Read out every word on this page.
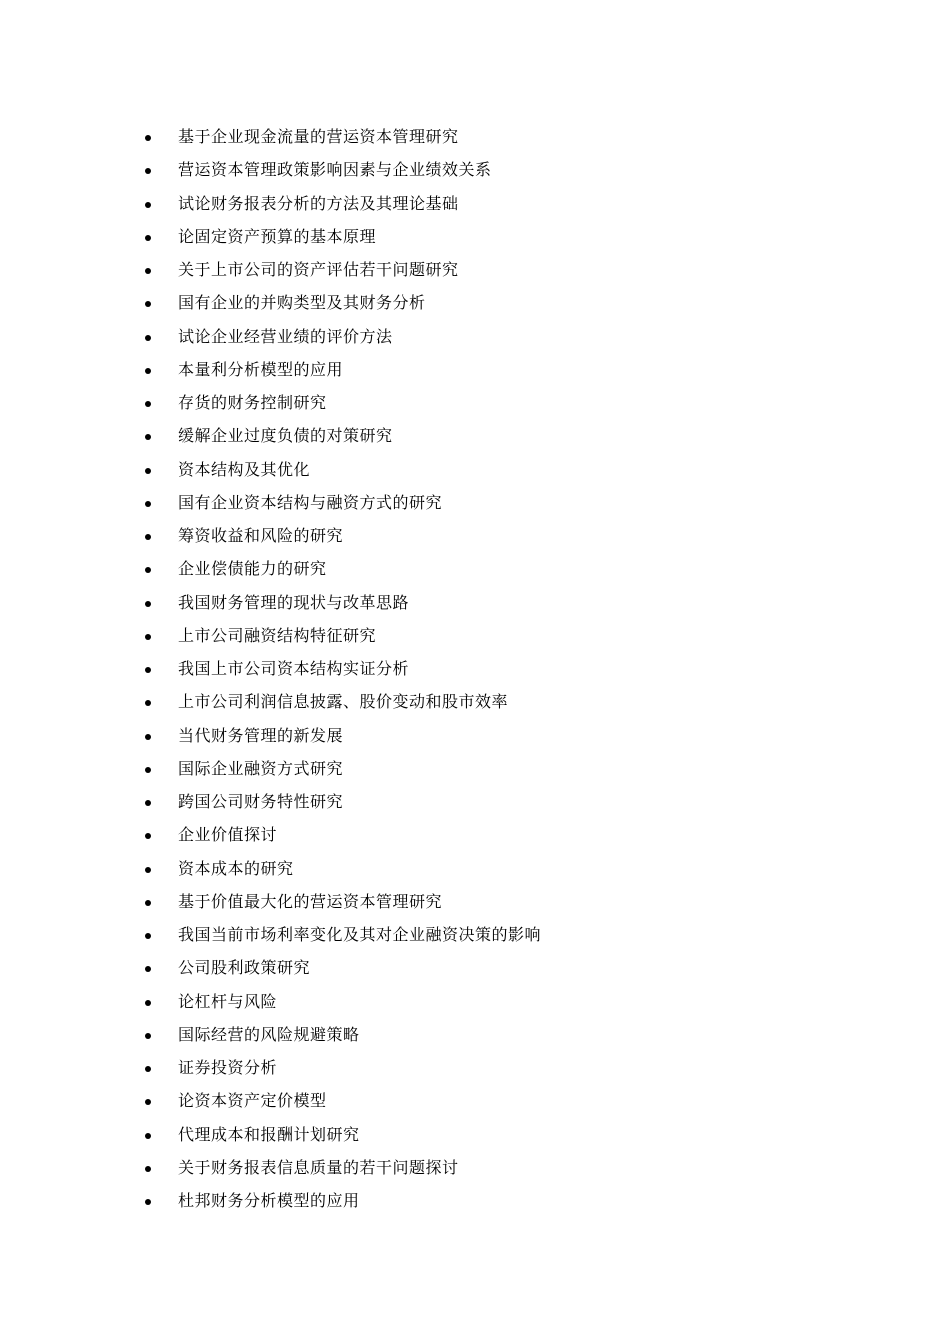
基于企业现金流量的营运资本管理研究
营运资本管理政策影响因素与企业绩效关系
试论财务报表分析的方法及其理论基础
论固定资产预算的基本原理
关于上市公司的资产评估若干问题研究
国有企业的并购类型及其财务分析
试论企业经营业绩的评价方法
本量利分析模型的应用
存货的财务控制研究
缓解企业过度负债的对策研究
资本结构及其优化
国有企业资本结构与融资方式的研究
筹资收益和风险的研究
企业偿债能力的研究
我国财务管理的现状与改革思路
上市公司融资结构特征研究
我国上市公司资本结构实证分析
上市公司利润信息披露、股价变动和股市效率
当代财务管理的新发展
国际企业融资方式研究
跨国公司财务特性研究
企业价值探讨
资本成本的研究
基于价值最大化的营运资本管理研究
我国当前市场利率变化及其对企业融资决策的影响
公司股利政策研究
论杠杆与风险
国际经营的风险规避策略
证券投资分析
论资本资产定价模型
代理成本和报酬计划研究
关于财务报表信息质量的若干问题探讨
杜邦财务分析模型的应用
